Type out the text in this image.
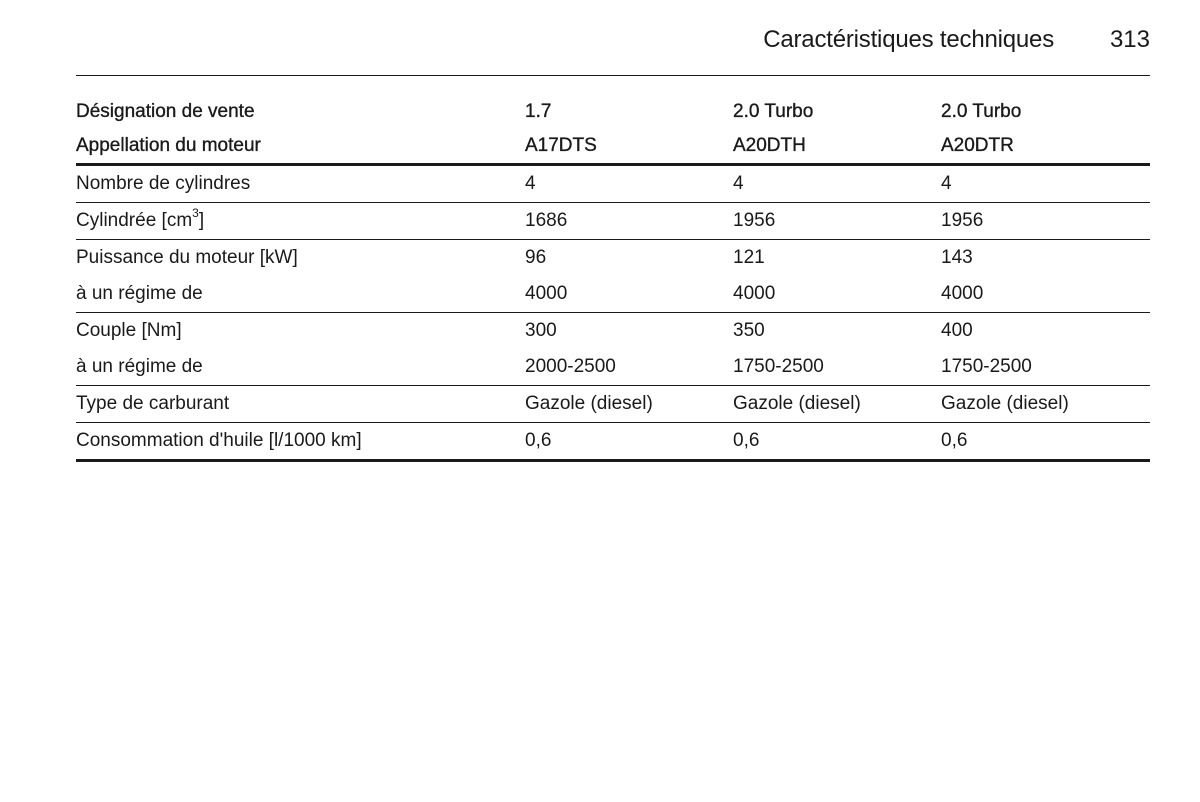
Caractéristiques techniques 313
Désignation de vente	1.7	2.0 Turbo	2.0 Turbo
Appellation du moteur	A17DTS	A20DTH	A20DTR
Nombre de cylindres	4	4	4
Cylindrée $[cm^3]$	1686	1956	1956
Puissance du moteur [kW]	96	121	143
à un régime de	4000	4000	4000
Couple [Nm]	300	350	400
à un régime de	2000-2500	1750-2500	1750-2500
Type de carburant	Gazole (diesel)	Gazole (diesel)	Gazole (diesel)
Consommation d'huile [l/1000 km]	0,6	0,6	0,6
